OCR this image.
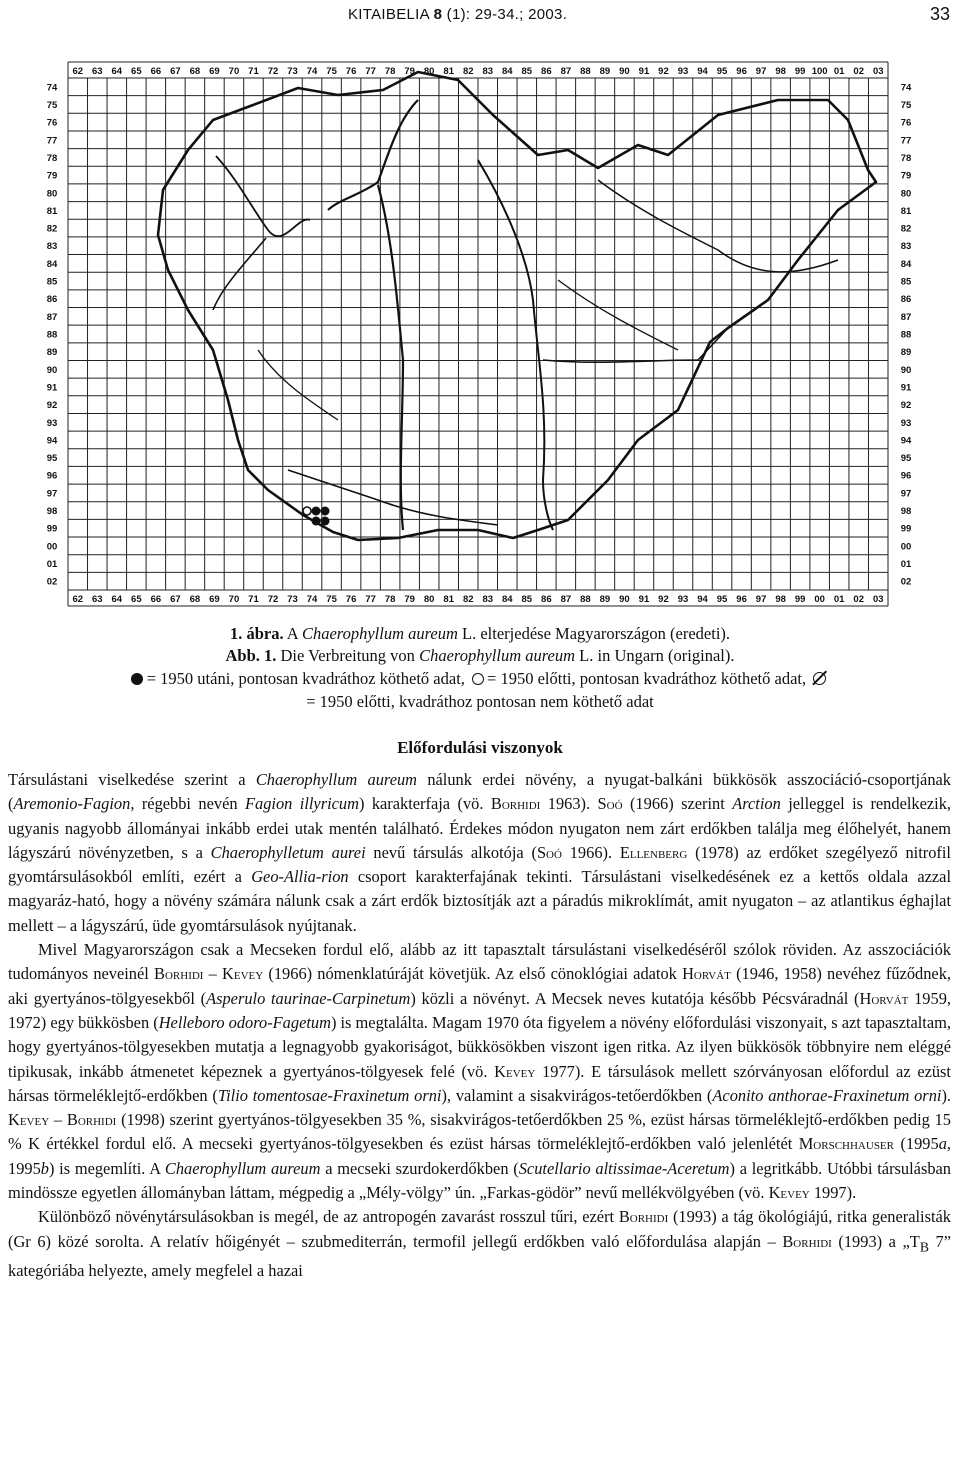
KITAIBELIA 8 (1): 29-34.; 2003.	33
62 63 64 65 66 67 68 69 70 71 72 73 74 75 76 77 78 79 80 81 82 83 84 85 86 87 88 89 90 91 92 93 94 95 96 97 98 99 100 01 02 03
62 63 64 65 66 67 68 69 70 71 72 73 74 75 76 77 78 79 80 81 82 83 84 85 86 87 88 89 90 91 92 93 94 95 96 97 98 99 00 01 02 03
74	74
75	75
76	76
77	77
78	78
79	79
80	80
81	81
82	82
83	83
84	84
85	85
86	86
87	87
88	88
89	89
90	90
91	91
92	92
93	93
94	94
95	95
96	96
97	97
98	98
99	99
00	00
01	01
02	02
1. ábra. A Chaerophyllum aureum L. elterjedése Magyarországon (eredeti).
Abb. 1. Die Verbreitung von Chaerophyllum aureum L. in Ungarn (original).
= 1950 utáni, pontosan kvadráthoz köthető adat, = 1950 előtti, pontosan kvadráthoz köthető adat,
= 1950 előtti, kvadráthoz pontosan nem köthető adat
Előfordulási viszonyok

Társulástani viselkedése szerint a Chaerophyllum aureum nálunk erdei növény, a nyugat-balkáni bükkösök asszociáció-csoportjának (Aremonio-Fagion, régebbi nevén Fagion illyricum) karakterfaja (vö. Borhidi 1963). Soó (1966) szerint Arction jelleggel is rendelkezik, ugyanis nagyobb állományai inkább erdei utak mentén található. Érdekes módon nyugaton nem zárt erdőkben találja meg élőhelyét, hanem lágyszárú növényzetben, s a Chaerophylletum aurei nevű társulás alkotója (Soó 1966). Ellenberg (1978) az erdőket szegélyező nitrofil gyomtársulásokból említi, ezért a Geo-Allia-rion csoport karakterfajának tekinti. Társulástani viselkedésének ez a kettős oldala azzal magyaráz-ható, hogy a növény számára nálunk csak a zárt erdők biztosítják azt a páradús mikroklímát, amit nyugaton – az atlantikus éghajlat mellett – a lágyszárú, üde gyomtársulások nyújtanak.

Mivel Magyarországon csak a Mecseken fordul elő, alább az itt tapasztalt társulástani viselkedéséről szólok röviden. Az asszociációk tudományos neveinél Borhidi – Kevey (1966) nómenklatúráját követjük. Az első cönoklógiai adatok Horvát (1946, 1958) nevéhez fűződnek, aki gyertyános-tölgyesekből (Asperulo taurinae-Carpinetum) közli a növényt. A Mecsek neves kutatója később Pécsváradnál (Horvát 1959, 1972) egy bükkösben (Helleboro odoro-Fagetum) is megtalálta. Magam 1970 óta figyelem a növény előfordulási viszonyait, s azt tapasztaltam, hogy gyertyános-tölgyesekben mutatja a legnagyobb gyakoriságot, bükkösökben viszont igen ritka. Az ilyen bükkösök többnyire nem eléggé tipikusak, inkább átmenetet képeznek a gyertyános-tölgyesek felé (vö. Kevey 1977). E társulások mellett szórványosan előfordul az ezüst hársas törmeléklejtő-erdőkben (Tilio tomentosae-Fraxinetum orni), valamint a sisakvirágos-tetőerdőkben (Aconito anthorae-Fraxinetum orni). Kevey – Borhidi (1998) szerint gyertyános-tölgyesekben 35 %, sisakvirágos-tetőerdőkben 25 %, ezüst hársas törmeléklejtő-erdőkben pedig 15 % K értékkel fordul elő. A mecseki gyertyános-tölgyesekben és ezüst hársas törmeléklejtő-erdőkben való jelenlétét Morschhauser (1995a, 1995b) is megemlíti. A Chaerophyllum aureum a mecseki szurdokerdőkben (Scutellario altissimae-Aceretum) a legritkább. Utóbbi társulásban mindössze egyetlen állományban láttam, mégpedig a „Mély-völgy” ún. „Farkas-gödör” nevű mellékvölgyében (vö. Kevey 1997).

Különböző növénytársulásokban is megél, de az antropogén zavarást rosszul tűri, ezért Borhidi (1993) a tág ökológiájú, ritka generalisták (Gr 6) közé sorolta. A relatív hőigényét – szubmediterrán, termofil jellegű erdőkben való előfordulása alapján – Borhidi (1993) a $„T_B$ 7” kategóriába helyezte, amely megfelel a hazai
